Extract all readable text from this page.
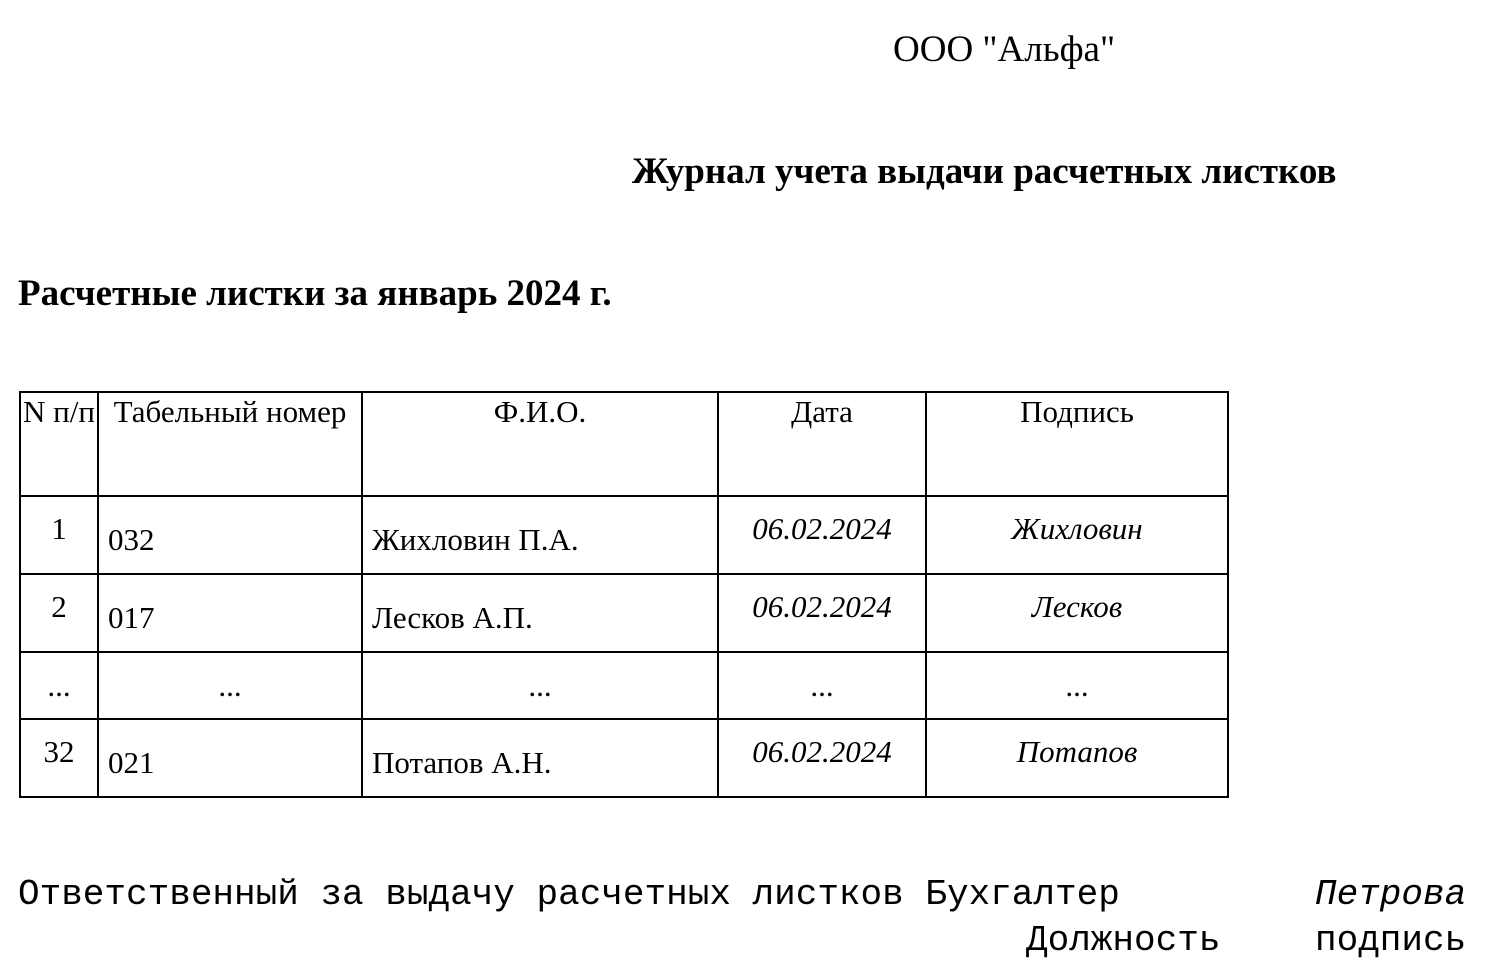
ООО "Альфа"
Журнал учета выдачи расчетных листков
Расчетные листки за январь 2024 г.
N п/п	Табельный номер	Ф.И.О.	Дата	Подпись
1	032	Жихловин П.А.	06.02.2024	Жихловин
2	017	Лесков А.П.	06.02.2024	Лесков
...	...	...	...	...
32	021	Потапов А.Н.	06.02.2024	Потапов
Ответственный за выдачу расчетных листков Бухгалтер	Петрова
Должность	подпись
